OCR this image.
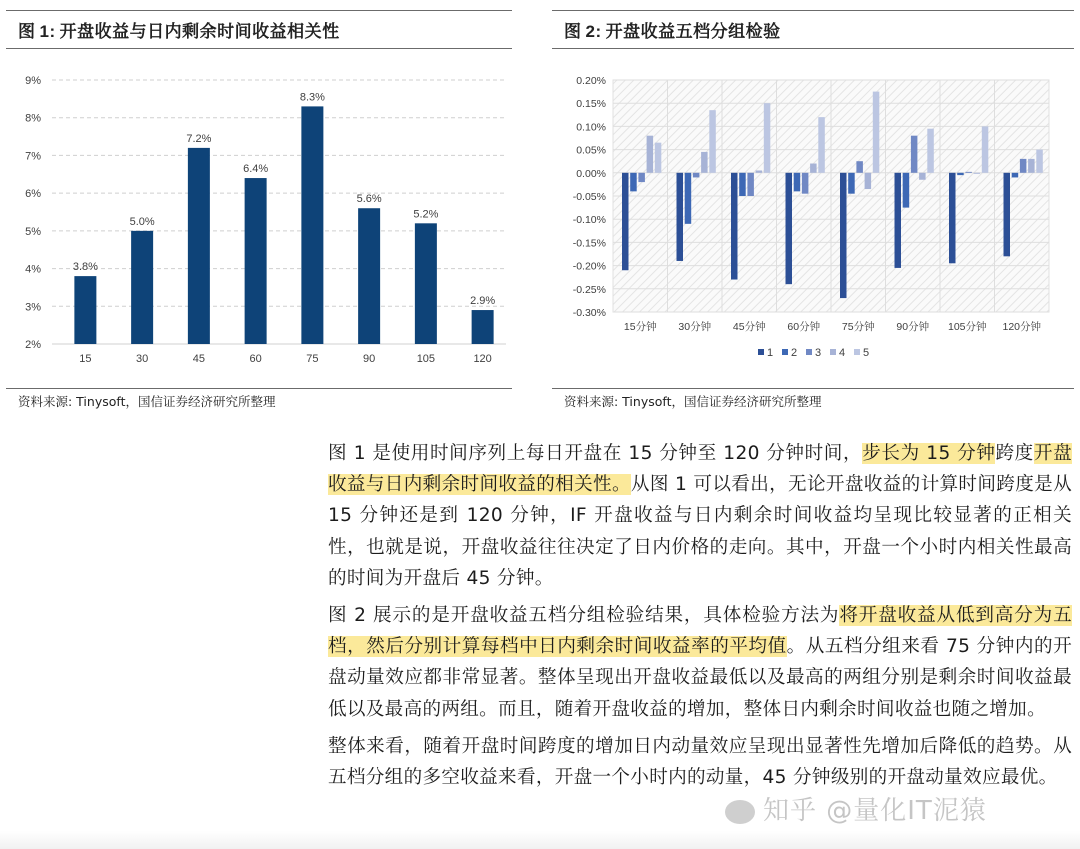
图 1: 开盘收益与日内剩余时间收益相关性
2%
3%
4%
5%
6%
7%
8%
9%
3.8%
15
5.0%
30
7.2%
45
6.4%
60
8.3%
75
5.6%
90
5.2%
105
2.9%
120
资料来源: Tinysoft，国信证券经济研究所整理
图 2: 开盘收益五档分组检验
-0.30%
-0.25%
-0.20%
-0.15%
-0.10%
-0.05%
0.00%
0.05%
0.10%
0.15%
0.20%
15分钟 30分钟 45分钟 60分钟 75分钟 90分钟 105分钟 120分钟
1 2 3 4 5
资料来源: Tinysoft，国信证券经济研究所整理

图 1 是使用时间序列上每日开盘在 15 分钟至 120 分钟时间，步长为 15 分钟跨度开盘收益与日内剩余时间收益的相关性。从图 1 可以看出，无论开盘收益的计算时间跨度是从 15 分钟还是到 120 分钟，IF 开盘收益与日内剩余时间收益均呈现比较显著的正相关性，也就是说，开盘收益往往决定了日内价格的走向。其中，开盘一个小时内相关性最高的时间为开盘后 45 分钟。

图 2 展示的是开盘收益五档分组检验结果，具体检验方法为将开盘收益从低到高分为五档，然后分别计算每档中日内剩余时间收益率的平均值。从五档分组来看 75 分钟内的开盘动量效应都非常显著。整体呈现出开盘收益最低以及最高的两组分别是剩余时间收益最低以及最高的两组。而且，随着开盘收益的增加，整体日内剩余时间收益也随之增加。

整体来看，随着开盘时间跨度的增加日内动量效应呈现出显著性先增加后降低的趋势。从五档分组的多空收益来看，开盘一个小时内的动量，45 分钟级别的开盘动量效应最优。

知乎 @量化IT泥猿
